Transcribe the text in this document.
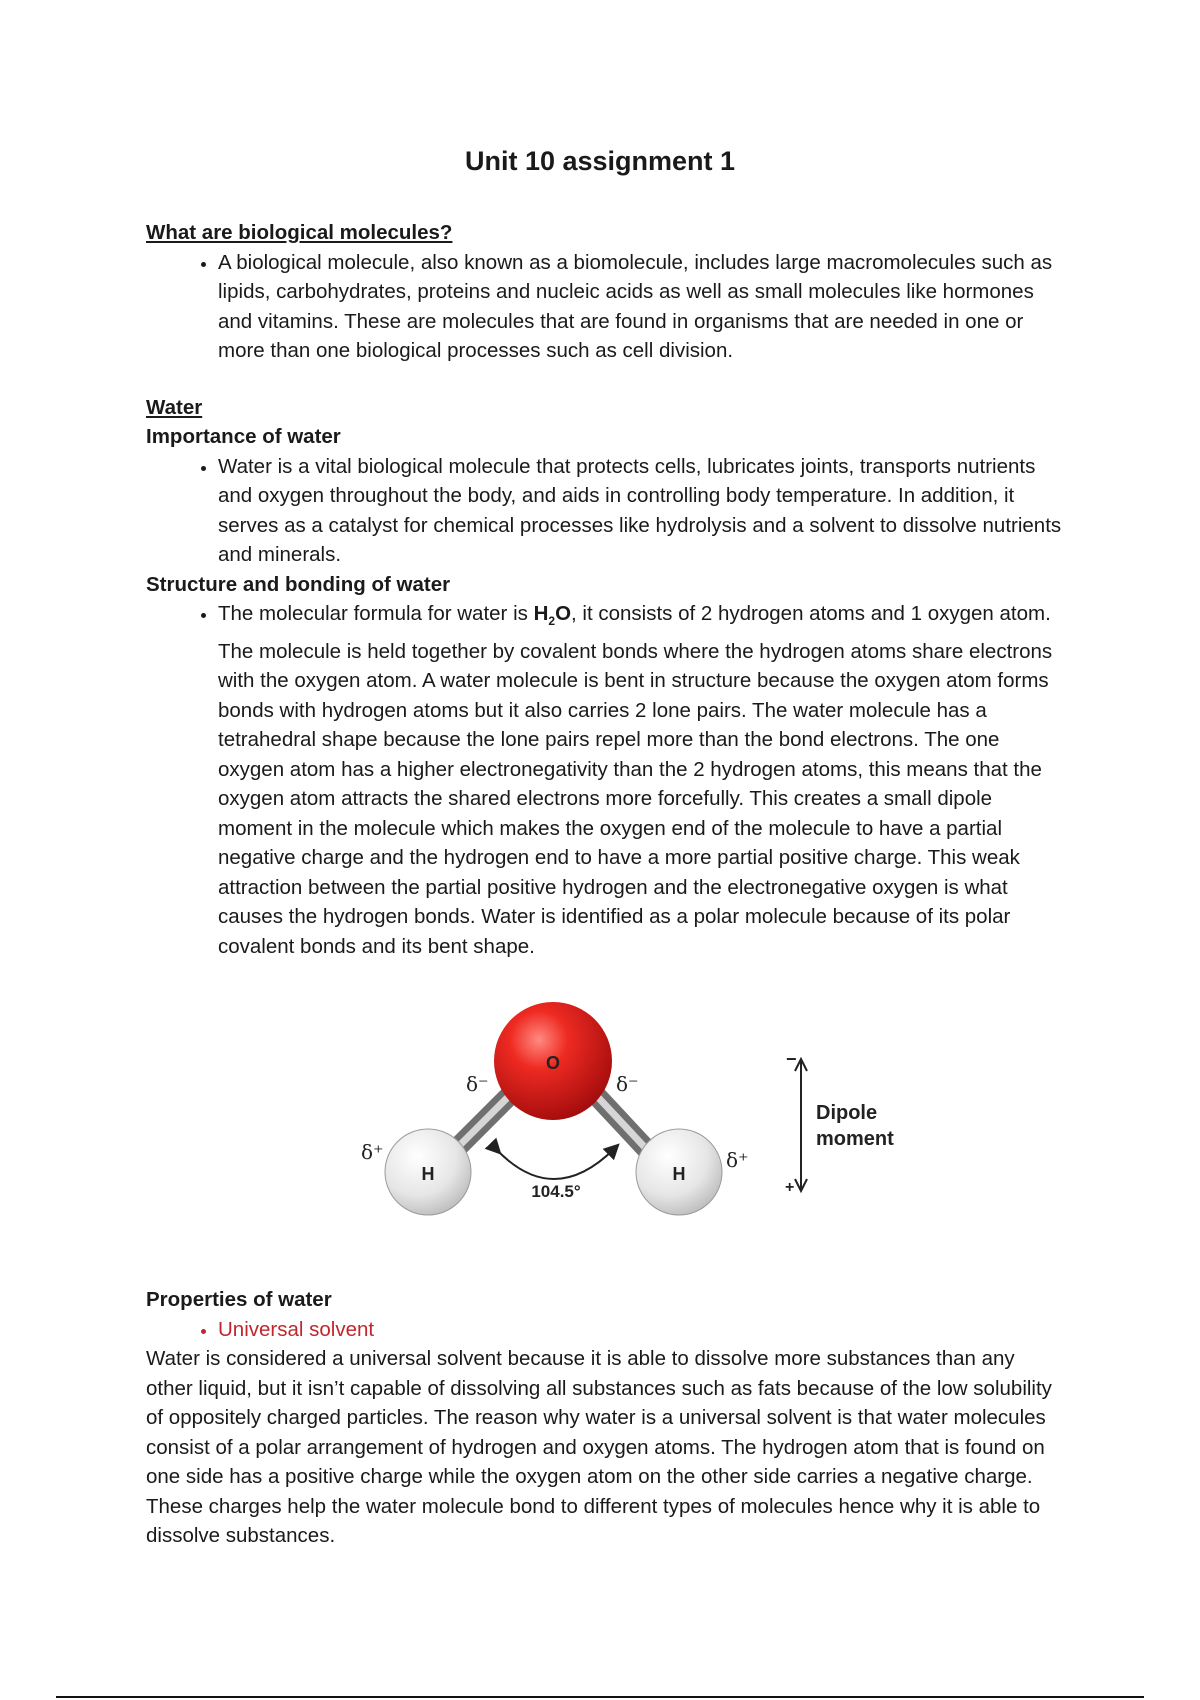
Unit 10 assignment 1

What are biological molecules?

• A biological molecule, also known as a biomolecule, includes large macromolecules such as lipids, carbohydrates, proteins and nucleic acids as well as small molecules like hormones and vitamins. These are molecules that are found in organisms that are needed in one or more than one biological processes such as cell division.

Water

Importance of water

• Water is a vital biological molecule that protects cells, lubricates joints, transports nutrients and oxygen throughout the body, and aids in controlling body temperature. In addition, it serves as a catalyst for chemical processes like hydrolysis and a solvent to dissolve nutrients and minerals.

Structure and bonding of water

• The molecular formula for water is $H_2O$, it consists of 2 hydrogen atoms and 1 oxygen atom. The molecule is held together by covalent bonds where the hydrogen atoms share electrons with the oxygen atom. A water molecule is bent in structure because the oxygen atom forms bonds with hydrogen atoms but it also carries 2 lone pairs. The water molecule has a tetrahedral shape because the lone pairs repel more than the bond electrons. The one oxygen atom has a higher electronegativity than the 2 hydrogen atoms, this means that the oxygen atom attracts the shared electrons more forcefully. This creates a small dipole moment in the molecule which makes the oxygen end of the molecule to have a partial negative charge and the hydrogen end to have a more partial positive charge. This weak attraction between the partial positive hydrogen and the electronegative oxygen is what causes the hydrogen bonds. Water is identified as a polar molecule because of its polar covalent bonds and its bent shape.
O
H	H
δ⁻	δ⁻
δ⁺	δ⁺
104.5°
−
+
Dipole
moment

Properties of water

• Universal solvent

Water is considered a universal solvent because it is able to dissolve more substances than any other liquid, but it isn’t capable of dissolving all substances such as fats because of the low solubility of oppositely charged particles. The reason why water is a universal solvent is that water molecules consist of a polar arrangement of hydrogen and oxygen atoms. The hydrogen atom that is found on one side has a positive charge while the oxygen atom on the other side carries a negative charge. These charges help the water molecule bond to different types of molecules hence why it is able to dissolve substances.
